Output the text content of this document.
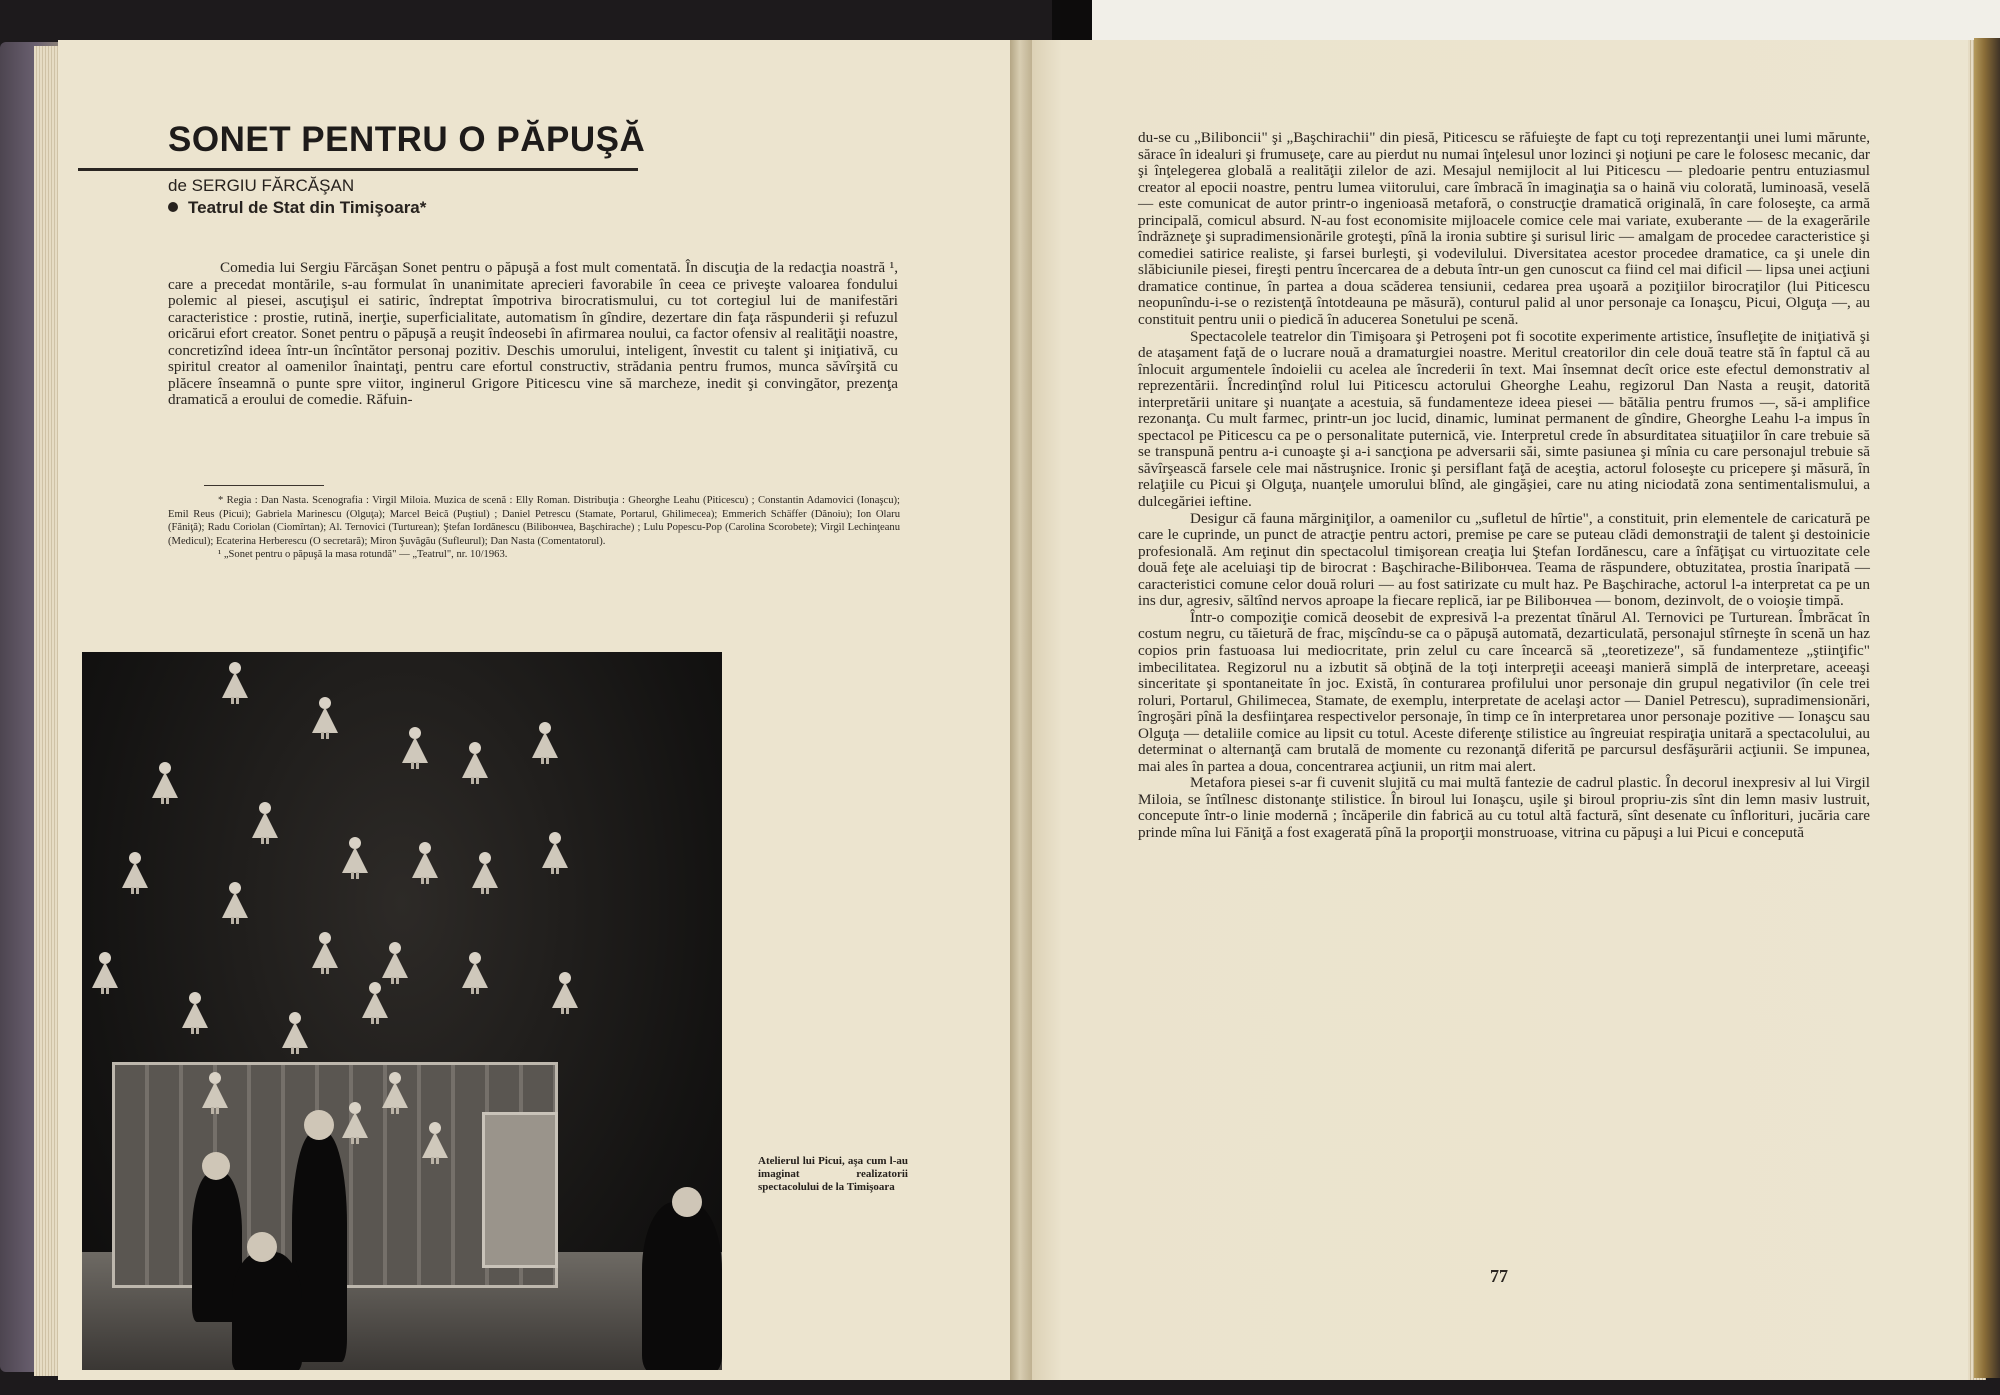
SONET PENTRU O PĂPUŞĂ
de SERGIU FĂRCĂŞAN
Teatrul de Stat din Timişoara*

Comedia lui Sergiu Fărcăşan Sonet pentru o păpuşă a fost mult comentată. În discuţia de la redacţia noastră ¹, care a precedat montările, s-au formulat în unanimitate aprecieri favorabile în ceea ce priveşte valoarea fondului polemic al piesei, ascuţişul ei satiric, îndreptat împotriva birocratismului, cu tot cortegiul lui de manifestări caracteristice : prostie, rutină, inerţie, superficialitate, automatism în gîndire, dezertare din faţa răspunderii şi refuzul oricărui efort creator. Sonet pentru o păpuşă a reuşit îndeosebi în afirmarea noului, ca factor ofensiv al realităţii noastre, concretizînd ideea într-un încîntător personaj pozitiv. Deschis umorului, inteligent, învestit cu talent şi iniţiativă, cu spiritul creator al oamenilor înaintaţi, pentru care efortul constructiv, strădania pentru frumos, munca săvîrşită cu plăcere înseamnă o punte spre viitor, inginerul Grigore Piticescu vine să marcheze, inedit şi convingător, prezenţa dramatică a eroului de comedie. Răfuin-

* Regia : Dan Nasta. Scenografia : Virgil Miloia. Muzica de scenă : Elly Roman. Distribuţia : Gheorghe Leahu (Piticescu) ; Constantin Adamovici (Ionaşcu); Emil Reus (Picui); Gabriela Marinescu (Olguţa); Marcel Beică (Puştiul) ; Daniel Petrescu (Stamate, Portarul, Ghilimecea); Emmerich Schäffer (Dănoiu); Ion Olaru (Făniţă); Radu Coriolan (Ciomîrtan); Al. Ternovici (Turturean); Ştefan Iordănescu (Bilibончea, Başchirache) ; Lulu Popescu-Pop (Carolina Scorobete); Virgil Lechinţeanu (Medicul); Ecaterina Herberescu (O secretară); Miron Şuvăgău (Sufleurul); Dan Nasta (Comentatorul).

¹ „Sonet pentru o păpuşă la masa rotundă" — „Teatrul", nr. 10/1963.

Atelierul lui Picui, aşa cum l-au imaginat realizatorii spectacolului de la Timişoara

du-se cu „Biliboncii" şi „Başchirachii" din piesă, Piticescu se răfuieşte de fapt cu toţi reprezentanţii unei lumi mărunte, sărace în idealuri şi frumuseţe, care au pierdut nu numai înţelesul unor lozinci şi noţiuni pe care le folosesc mecanic, dar şi înţelegerea globală a realităţii zilelor de azi. Mesajul nemijlocit al lui Piticescu — pledoarie pentru entuziasmul creator al epocii noastre, pentru lumea viitorului, care îmbracă în imaginaţia sa o haină viu colorată, luminoasă, veselă — este comunicat de autor printr-o ingenioasă metaforă, o construcţie dramatică originală, în care foloseşte, ca armă principală, comicul absurd. N-au fost economisite mijloacele comice cele mai variate, exuberante — de la exagerările îndrăzneţe şi supradimensionările groteşti, pînă la ironia subtire şi surisul liric — amalgam de procedee caracteristice şi comediei satirice realiste, şi farsei burleşti, şi vodevilului. Diversitatea acestor procedee dramatice, ca şi unele din slăbiciunile piesei, fireşti pentru încercarea de a debuta într-un gen cunoscut ca fiind cel mai dificil — lipsa unei acţiuni dramatice continue, în partea a doua scăderea tensiunii, cedarea prea uşoară a poziţiilor birocraţilor (lui Piticescu neopunîndu-i-se o rezistenţă întotdeauna pe măsură), conturul palid al unor personaje ca Ionaşcu, Picui, Olguţa —, au constituit pentru unii o piedică în aducerea Sonetului pe scenă.

Spectacolele teatrelor din Timişoara şi Petroşeni pot fi socotite experimente artistice, însufleţite de iniţiativă şi de ataşament faţă de o lucrare nouă a dramaturgiei noastre. Meritul creatorilor din cele două teatre stă în faptul că au înlocuit argumentele îndoielii cu acelea ale încrederii în text. Mai însemnat decît orice este efectul demonstrativ al reprezentării. Încredinţînd rolul lui Piticescu actorului Gheorghe Leahu, regizorul Dan Nasta a reuşit, datorită interpretării unitare şi nuanţate a acestuia, să fundamenteze ideea piesei — bătălia pentru frumos —, să-i amplifice rezonanţa. Cu mult farmec, printr-un joc lucid, dinamic, luminat permanent de gîndire, Gheorghe Leahu l-a impus în spectacol pe Piticescu ca pe o personalitate puternică, vie. Interpretul crede în absurditatea situaţiilor în care trebuie să se transpună pentru a-i cunoaşte şi a-i sancţiona pe adversarii săi, simte pasiunea şi mînia cu care personajul trebuie să săvîrşească farsele cele mai năstruşnice. Ironic şi persiflant faţă de aceştia, actorul foloseşte cu pricepere şi măsură, în relaţiile cu Picui şi Olguţa, nuanţele umorului blînd, ale gingăşiei, care nu ating niciodată zona sentimentalismului, a dulcegăriei ieftine.

Desigur că fauna mărginiţilor, a oamenilor cu „sufletul de hîrtie", a constituit, prin elementele de caricatură pe care le cuprinde, un punct de atracţie pentru actori, premise pe care se puteau clădi demonstraţii de talent şi destoinicie profesională. Am reţinut din spectacolul timişorean creaţia lui Ştefan Iordănescu, care a înfăţişat cu virtuozitate cele două feţe ale aceluiaşi tip de birocrat : Başchirache-Bilibончea. Teama de răspundere, obtuzitatea, prostia înaripată — caracteristici comune celor două roluri — au fost satirizate cu mult haz. Pe Başchirache, actorul l-a interpretat ca pe un ins dur, agresiv, săltînd nervos aproape la fiecare replică, iar pe Bilibончea — bonom, dezinvolt, de o voioşie timpă.

Într-o compoziţie comică deosebit de expresivă l-a prezentat tînărul Al. Ternovici pe Turturean. Îmbrăcat în costum negru, cu tăietură de frac, mişcîndu-se ca o păpuşă automată, dezarticulată, personajul stîrneşte în scenă un haz copios prin fastuoasa lui mediocritate, prin zelul cu care încearcă să „teoretizeze", să fundamenteze „ştiinţific" imbecilitatea. Regizorul nu a izbutit să obţină de la toţi interpreţii aceeaşi manieră simplă de interpretare, aceeaşi sinceritate şi spontaneitate în joc. Există, în conturarea profilului unor personaje din grupul negativilor (în cele trei roluri, Portarul, Ghilimecea, Stamate, de exemplu, interpretate de acelaşi actor — Daniel Petrescu), supradimensionări, îngroşări pînă la desfiinţarea respectivelor personaje, în timp ce în interpretarea unor personaje pozitive — Ionaşcu sau Olguţa — detaliile comice au lipsit cu totul. Aceste diferenţe stilistice au îngreuiat respiraţia unitară a spectacolului, au determinat o alternanţă cam brutală de momente cu rezonanţă diferită pe parcursul desfăşurării acţiunii. Se impunea, mai ales în partea a doua, concentrarea acţiunii, un ritm mai alert.

Metafora piesei s-ar fi cuvenit slujită cu mai multă fantezie de cadrul plastic. În decorul inexpresiv al lui Virgil Miloia, se întîlnesc distonanţe stilistice. În biroul lui Ionaşcu, uşile şi biroul propriu-zis sînt din lemn masiv lustruit, concepute într-o linie modernă ; încăperile din fabrică au cu totul altă factură, sînt desenate cu înflorituri, jucăria care prinde mîna lui Făniţă a fost exagerată pînă la proporţii monstruoase, vitrina cu păpuşi a lui Picui e concepută

77
